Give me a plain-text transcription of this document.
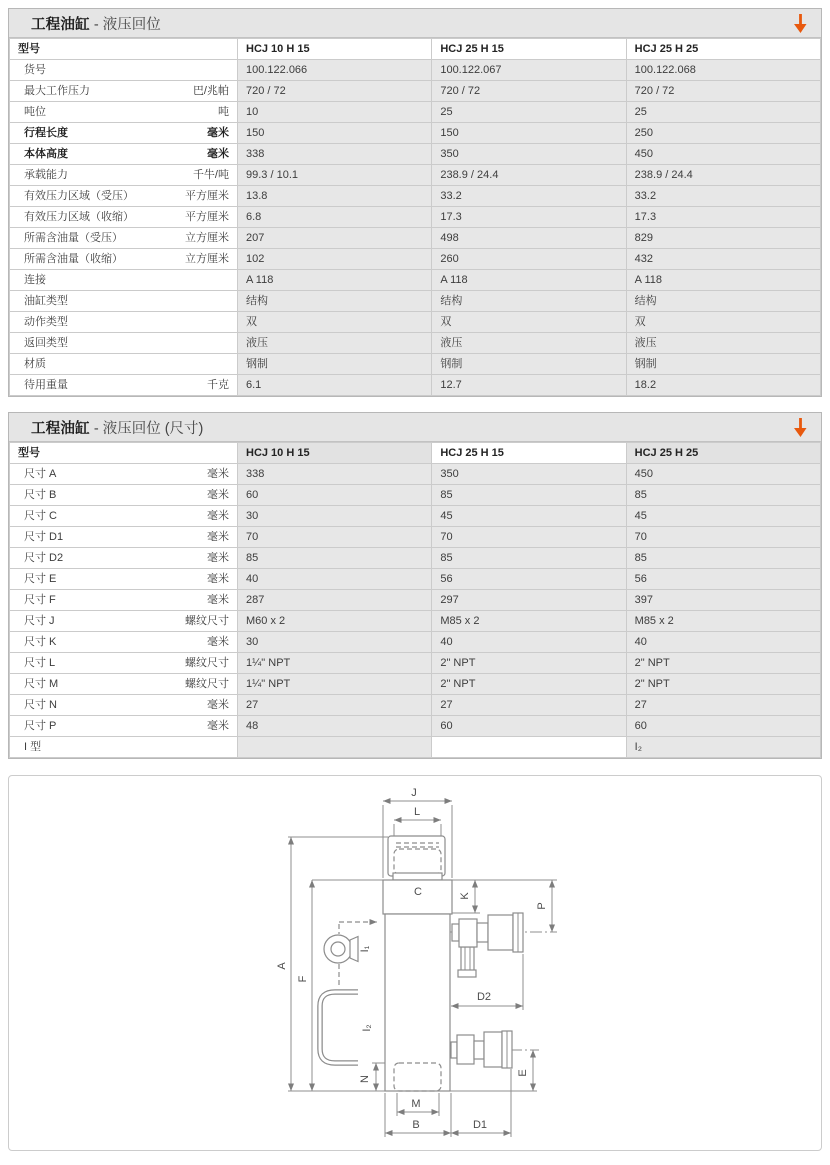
工程油缸 - 液压回位
型号	HCJ 10 H 15	HCJ 25 H 15	HCJ 25 H 25
货号	100.122.066	100.122.067	100.122.068
最大工作压力 巴/兆帕	720 / 72	720 / 72	720 / 72
吨位 吨	10	25	25
行程长度 毫米	150	150	250
本体高度 毫米	338	350	450
承载能力 千牛/吨	99.3 / 10.1	238.9 / 24.4	238.9 / 24.4
有效压力区域（受压） 平方厘米	13.8	33.2	33.2
有效压力区域（收缩） 平方厘米	6.8	17.3	17.3
所需含油量（受压） 立方厘米	207	498	829
所需含油量（收缩） 立方厘米	102	260	432
连接	A 118	A 118	A 118
油缸类型	结构	结构	结构
动作类型	双	双	双
返回类型	液压	液压	液压
材质	钢制	钢制	钢制
待用重量 千克	6.1	12.7	18.2
工程油缸 - 液压回位 (尺寸)
型号	HCJ 10 H 15	HCJ 25 H 15	HCJ 25 H 25
尺寸 A 毫米	338	350	450
尺寸 B 毫米	60	85	85
尺寸 C 毫米	30	45	45
尺寸 D1 毫米	70	70	70
尺寸 D2 毫米	85	85	85
尺寸 E 毫米	40	56	56
尺寸 F 毫米	287	297	397
尺寸 J 螺纹尺寸	M60 x 2	M85 x 2	M85 x 2
尺寸 K 毫米	30	40	40
尺寸 L 螺纹尺寸	1¼" NPT	2" NPT	2" NPT
尺寸 M 螺纹尺寸	1¼" NPT	2" NPT	2" NPT
尺寸 N 毫米	27	27	27
尺寸 P 毫米	48	60	60
I 型			I₂
J
L
C
A
F
K
P
I₁
I₂
D2
E
N
M
B	D1
